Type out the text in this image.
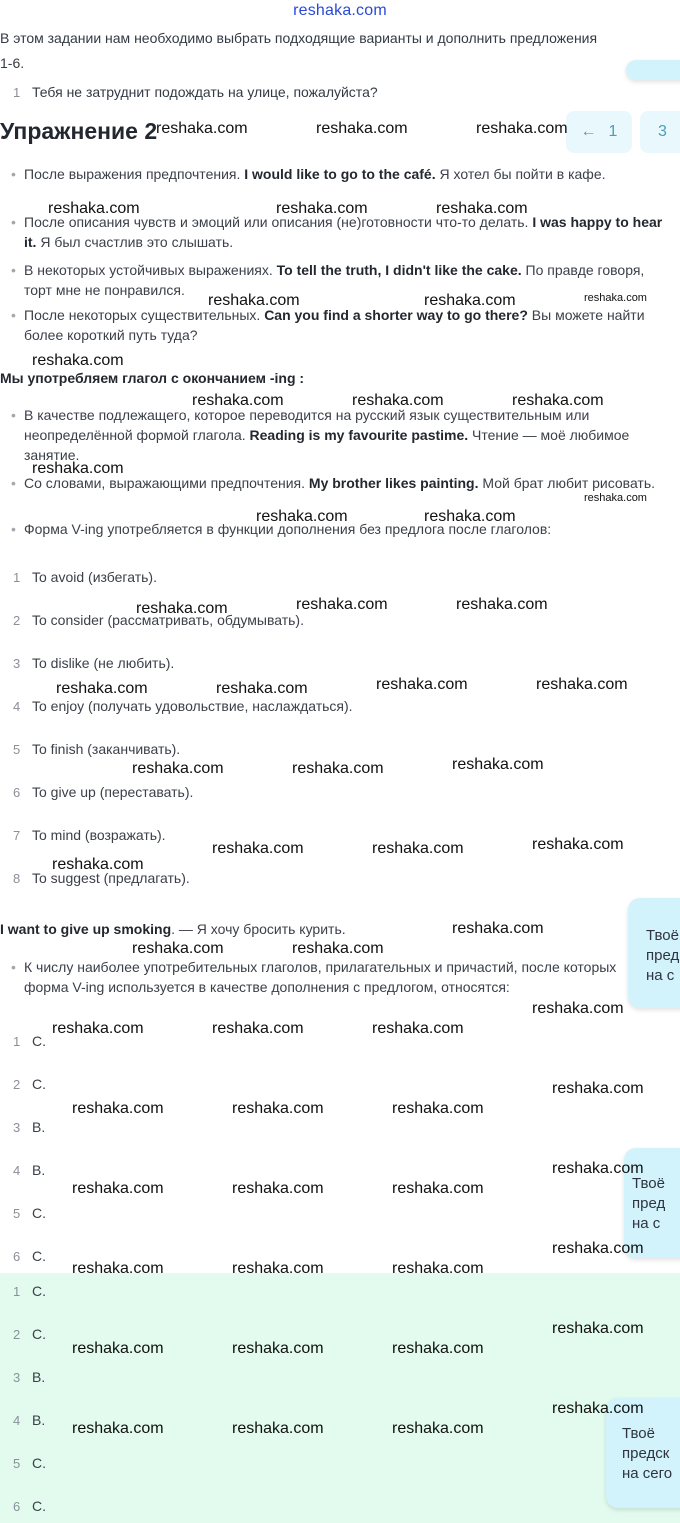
reshaka.com
В этом задании нам необходимо выбрать подходящие варианты и дополнить предложения 1-6.
1 Тебя не затруднит подождать на улице, пожалуйста?
Упражнение 2	← 1	3
• После выражения предпочтения. I would like to go to the café. Я хотел бы пойти в кафе.
• После описания чувств и эмоций или описания (не)готовности что-то делать. I was happy to hear it. Я был счастлив это слышать.
• В некоторых устойчивых выражениях. To tell the truth, I didn't like the cake. По правде говоря, торт мне не понравился.
• После некоторых существительных. Can you find a shorter way to go there? Вы можете найти более короткий путь туда?
Мы употребляем глагол с окончанием -ing :
• В качестве подлежащего, которое переводится на русский язык существительным или неопределённой формой глагола. Reading is my favourite pastime. Чтение — моё любимое занятие.
• Со словами, выражающими предпочтения. My brother likes painting. Мой брат любит рисовать.
• Форма V-ing употребляется в функции дополнения без предлога после глаголов:
1 To avoid (избегать).
2 To consider (рассматривать, обдумывать).
3 To dislike (не любить).
4 To enjoy (получать удовольствие, наслаждаться).
5 To finish (заканчивать).
6 To give up (переставать).
7 To mind (возражать).
8 To suggest (предлагать).
I want to give up smoking. — Я хочу бросить курить.
• К числу наиболее употребительных глаголов, прилагательных и причастий, после которых форма V-ing используется в качестве дополнения с предлогом, относятся:
1 C.
2 C.
3 B.
4 B.
5 C.
6 C.
1 C.
2 C.
3 B.
4 B.
5 C.
6 C.
Твоё
пред
на с
Твоё
пред
на с
Твоё
предск
на сего
reshaka.com	reshaka.com	reshaka.com
reshaka.com	reshaka.com	reshaka.com
reshaka.com	reshaka.com	reshaka.com
reshaka.com
reshaka.com	reshaka.com	reshaka.com
reshaka.com
reshaka.com
reshaka.com	reshaka.com
reshaka.com	reshaka.com	reshaka.com
reshaka.com	reshaka.com	reshaka.com	reshaka.com
reshaka.com	reshaka.com	reshaka.com
reshaka.com	reshaka.com	reshaka.com
reshaka.com
reshaka.com
reshaka.com	reshaka.com
reshaka.com
reshaka.com	reshaka.com	reshaka.com
reshaka.com
reshaka.com	reshaka.com	reshaka.com
reshaka.com
reshaka.com	reshaka.com	reshaka.com
reshaka.com
reshaka.com	reshaka.com	reshaka.com
reshaka.com
reshaka.com	reshaka.com	reshaka.com
reshaka.com
reshaka.com	reshaka.com	reshaka.com
